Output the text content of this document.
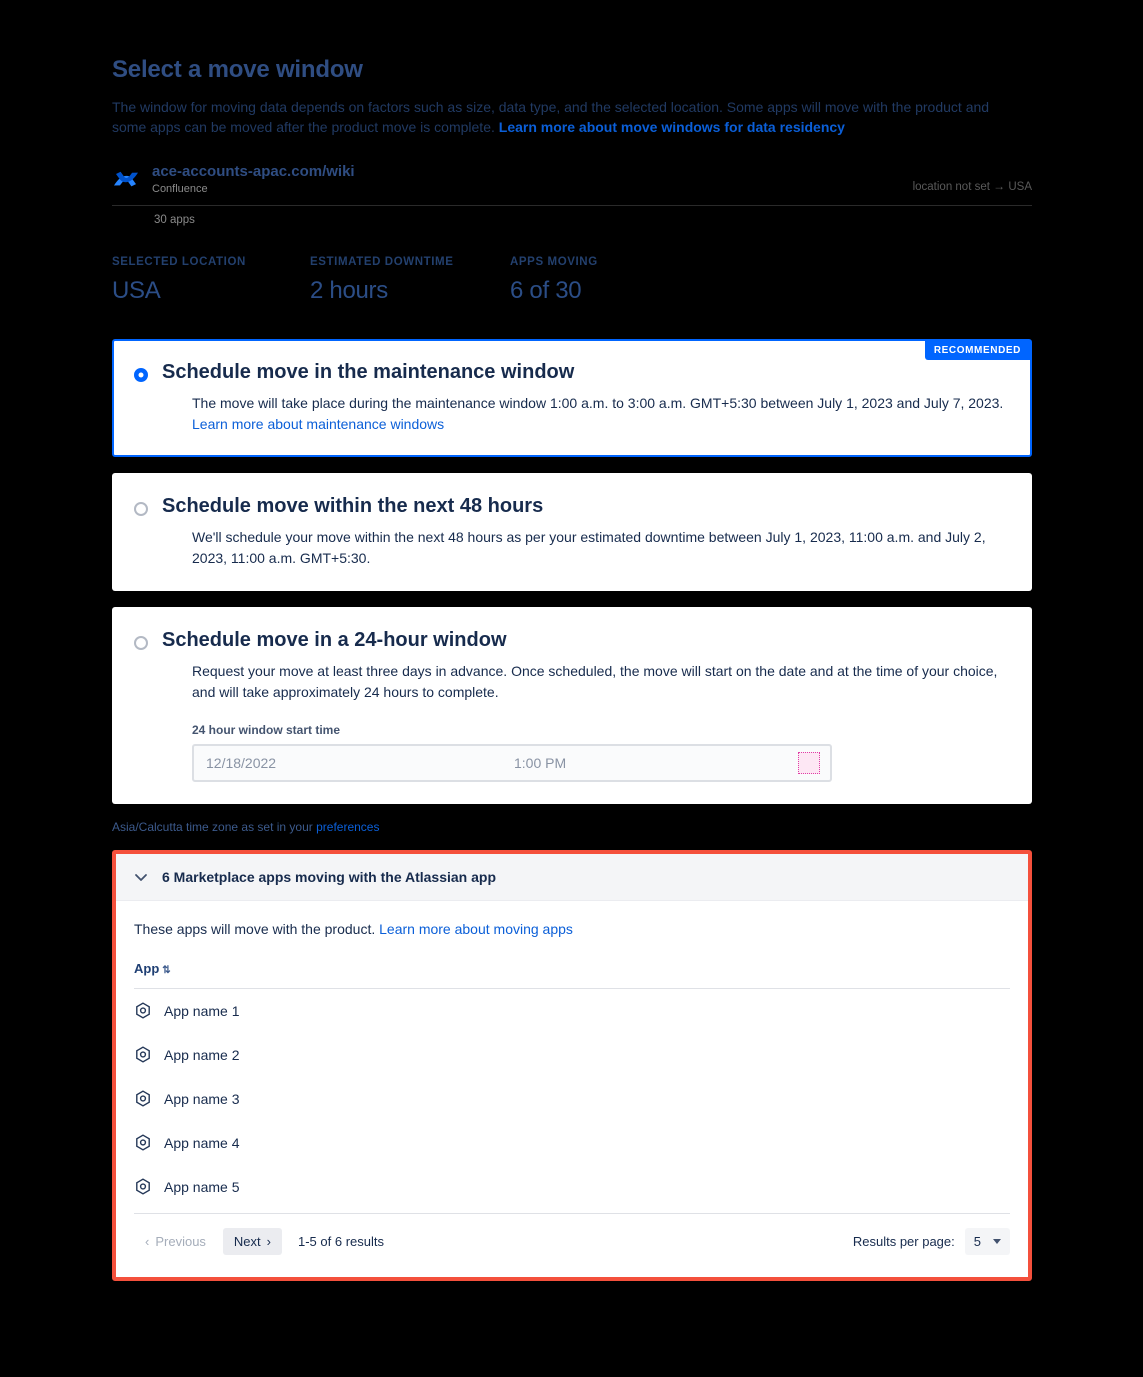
Select a move window

The window for moving data depends on factors such as size, data type, and the selected location. Some apps will move with the product and some apps can be moved after the product move is complete. Learn more about move windows for data residency

ace-accounts-apac.com/wiki
Confluence	location not set → USA
30 apps
SELECTED LOCATION
USA
ESTIMATED DOWNTIME
2 hours
APPS MOVING
6 of 30
RECOMMENDED
Schedule move in the maintenance window
The move will take place during the maintenance window 1:00 a.m. to 3:00 a.m. GMT+5:30 between July 1, 2023 and July 7, 2023. Learn more about maintenance windows
Schedule move within the next 48 hours
We'll schedule your move within the next 48 hours as per your estimated downtime between July 1, 2023, 11:00 a.m. and July 2, 2023, 11:00 a.m. GMT+5:30.
Schedule move in a 24-hour window
Request your move at least three days in advance. Once scheduled, the move will start on the date and at the time of your choice, and will take approximately 24 hours to complete.
24 hour window start time
12/18/2022	1:00 PM
Asia/Calcutta time zone as set in your preferences
6 Marketplace apps moving with the Atlassian app
These apps will move with the product. Learn more about moving apps
App ⇅

App name 1

App name 2

App name 3

App name 4

App name 5
‹ Previous Next › 1-5 of 6 results	Results per page: 5
